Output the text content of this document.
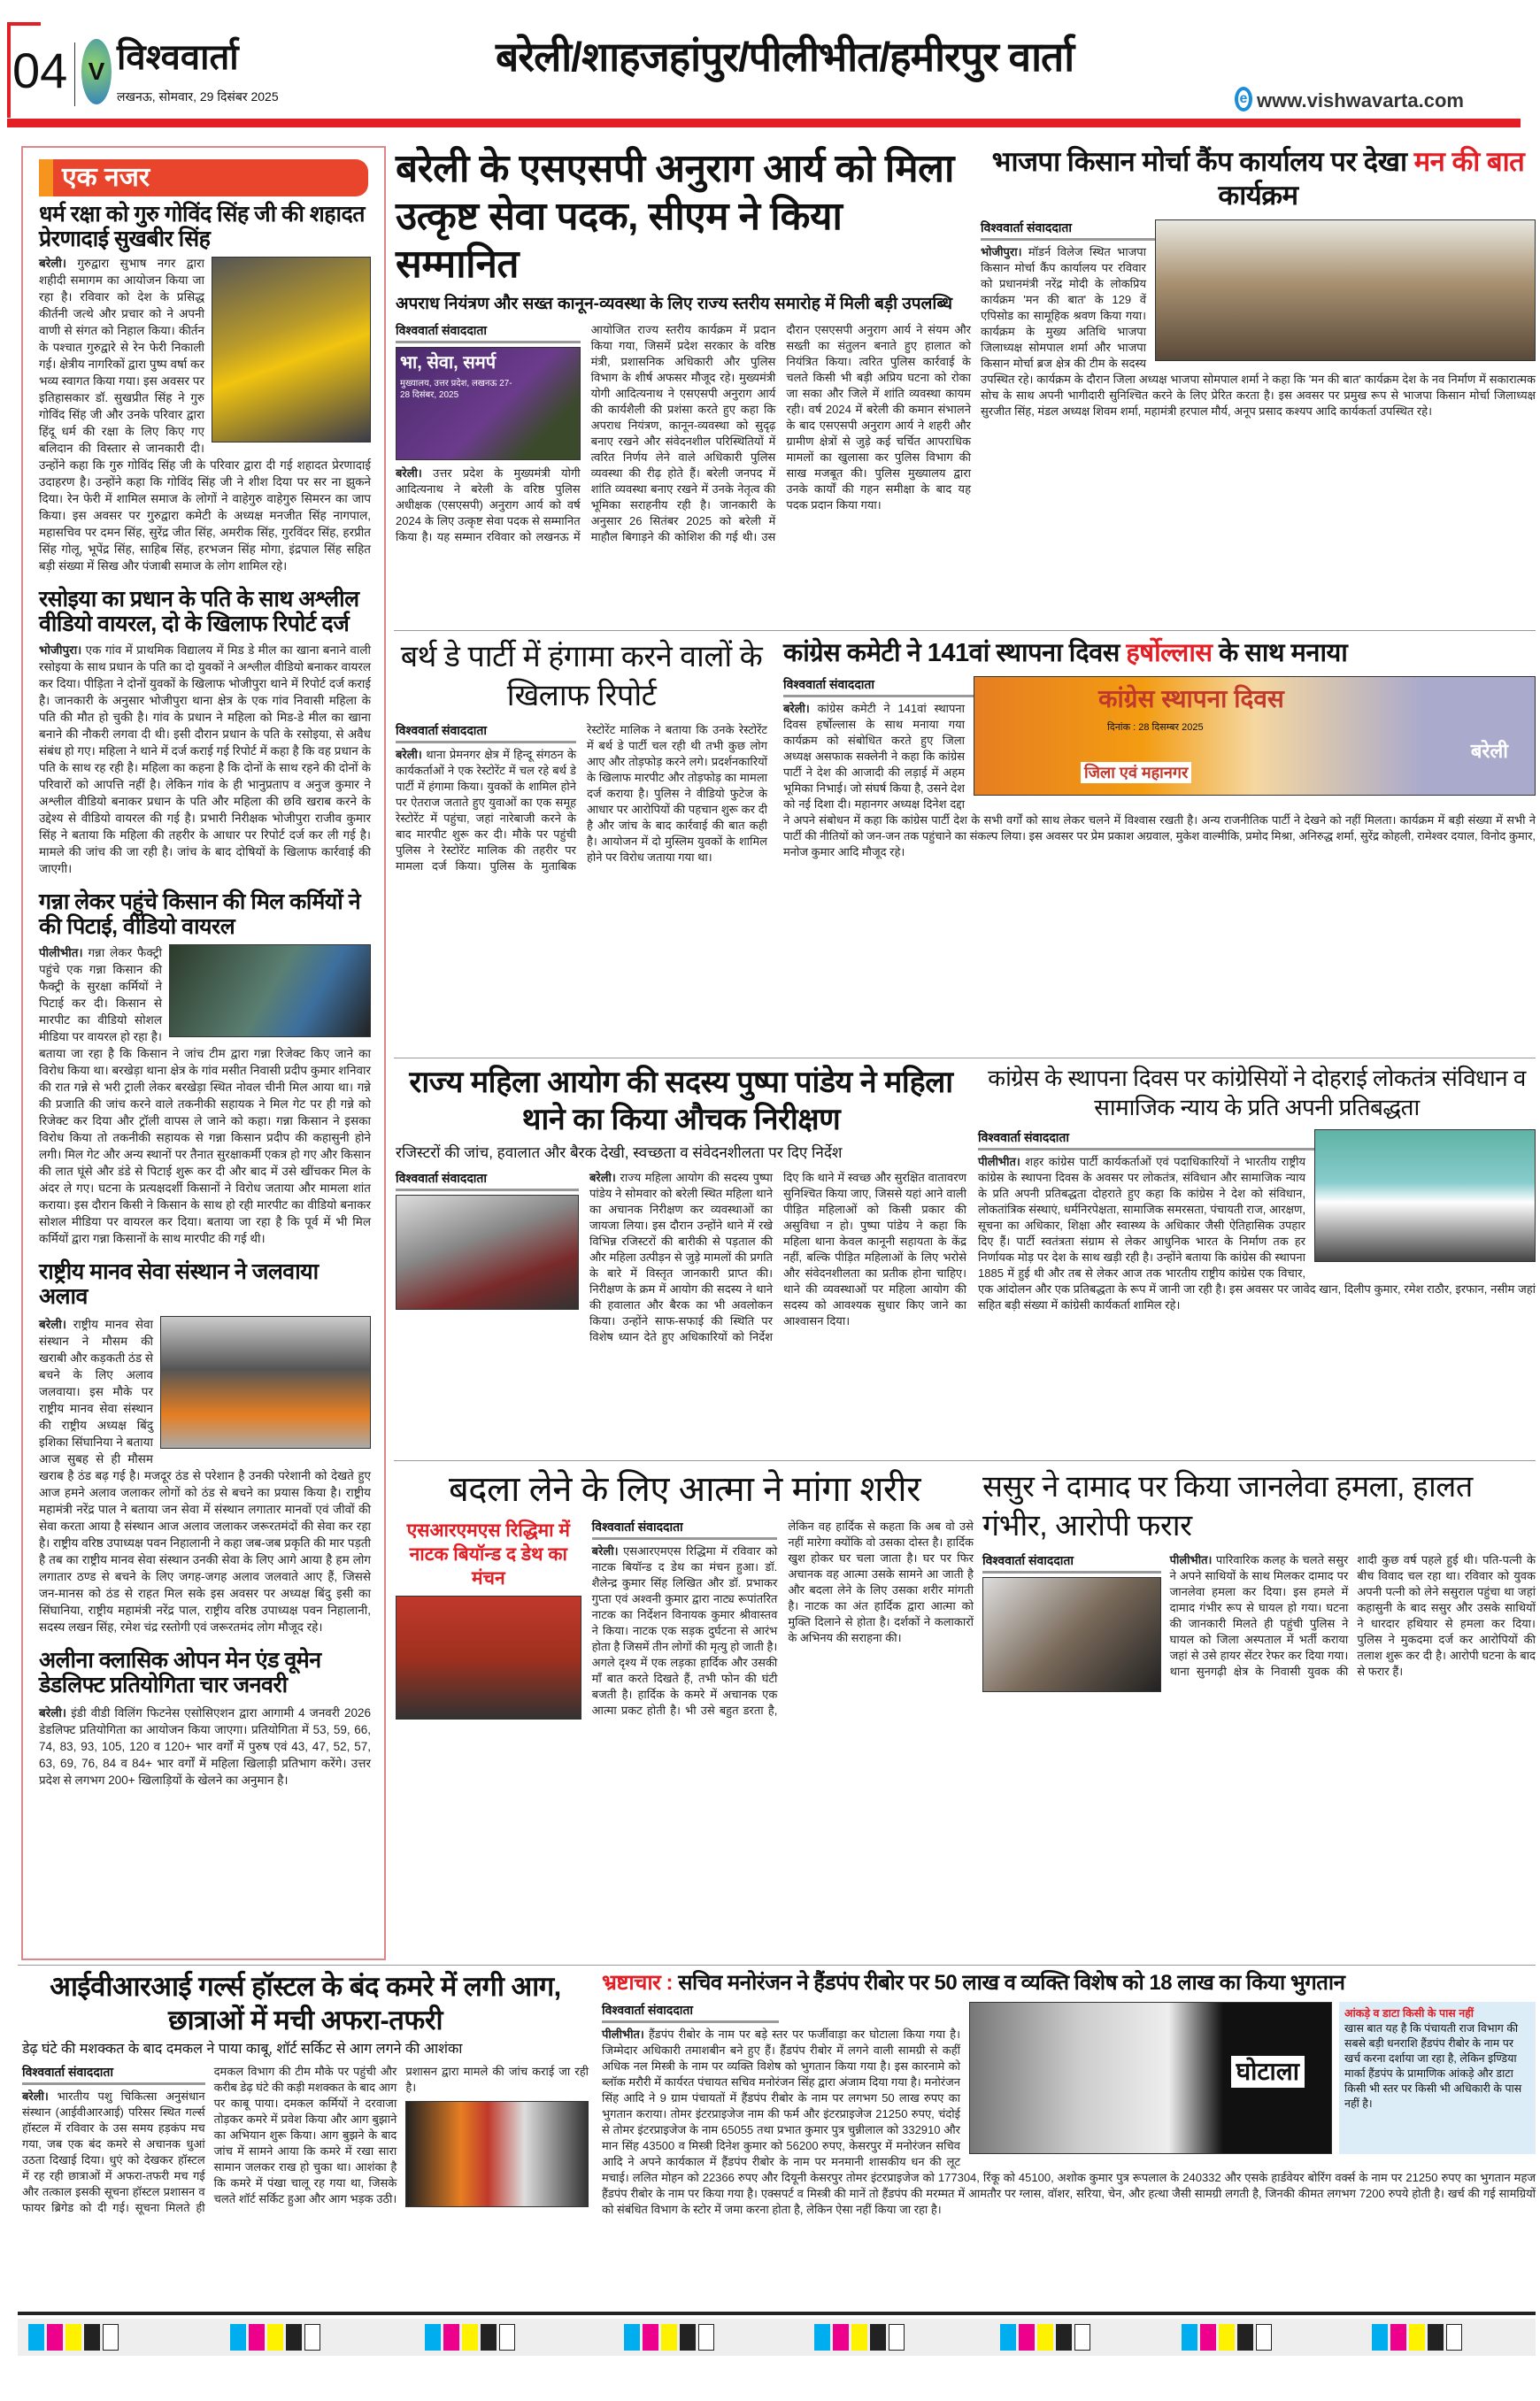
04 V विश्ववार्ता
लखनऊ, सोमवार, 29 दिसंबर 2025
बरेली/शाहजहांपुर/पीलीभीत/हमीरपुर वार्ता
e www.vishwavarta.com
एक नजर
धर्म रक्षा को गुरु गोविंद सिंह जी की शहादत प्रेरणादाई सुखबीर सिंह
बरेली। गुरुद्वारा सुभाष नगर द्वारा शहीदी समागम का आयोजन किया जा रहा है। रविवार को देश के प्रसिद्ध कीर्तनी जत्थे और प्रचार को ने अपनी वाणी से संगत को निहाल किया। कीर्तन के पश्चात गुरुद्वारे से रेन फेरी निकाली गई। क्षेत्रीय नागरिकों द्वारा पुष्प वर्षा कर भव्य स्वागत किया गया। इस अवसर पर इतिहासकार डॉ. सुखप्रीत सिंह ने गुरु गोविंद सिंह जी और उनके परिवार द्वारा हिंदू धर्म की रक्षा के लिए किए गए बलिदान की विस्तार से जानकारी दी। उन्होंने कहा कि गुरु गोविंद सिंह जी के परिवार द्वारा दी गई शहादत प्रेरणादाई उदाहरण है। उन्होंने कहा कि गोविंद सिंह जी ने शीश दिया पर सर ना झुकने दिया। रेन फेरी में शामिल समाज के लोगों ने वाहेगुरु वाहेगुरु सिमरन का जाप किया। इस अवसर पर गुरुद्वारा कमेटी के अध्यक्ष मनजीत सिंह नागपाल, महासचिव पर दमन सिंह, सुरेंद्र जीत सिंह, अमरीक सिंह, गुरविंदर सिंह, हरप्रीत सिंह गोलू, भूपेंद्र सिंह, साहिब सिंह, हरभजन सिंह मोगा, इंद्रपाल सिंह सहित बड़ी संख्या में सिख और पंजाबी समाज के लोग शामिल रहे।
रसोइया का प्रधान के पति के साथ अश्लील वीडियो वायरल, दो के खिलाफ रिपोर्ट दर्ज
भोजीपुरा। एक गांव में प्राथमिक विद्यालय में मिड डे मील का खाना बनाने वाली रसोइया के साथ प्रधान के पति का दो युवकों ने अश्लील वीडियो बनाकर वायरल कर दिया। पीड़िता ने दोनों युवकों के खिलाफ भोजीपुरा थाने में रिपोर्ट दर्ज कराई है। जानकारी के अनुसार भोजीपुरा थाना क्षेत्र के एक गांव निवासी महिला के पति की मौत हो चुकी है। गांव के प्रधान ने महिला को मिड-डे मील का खाना बनाने की नौकरी लगवा दी थी। इसी दौरान प्रधान के पति के रसोइया, से अवैध संबंध हो गए। महिला ने थाने में दर्ज कराई गई रिपोर्ट में कहा है कि वह प्रधान के पति के साथ रह रही है। महिला का कहना है कि दोनों के साथ रहने की दोनों के परिवारों को आपत्ति नहीं है। लेकिन गांव के ही भानुप्रताप व अनुज कुमार ने अश्लील वीडियो बनाकर प्रधान के पति और महिला की छवि खराब करने के उद्देश्य से वीडियो वायरल की गई है। प्रभारी निरीक्षक भोजीपुरा राजीव कुमार सिंह ने बताया कि महिला की तहरीर के आधार पर रिपोर्ट दर्ज कर ली गई है। मामले की जांच की जा रही है। जांच के बाद दोषियों के खिलाफ कार्रवाई की जाएगी।
गन्ना लेकर पहुंचे किसान की मिल कर्मियों ने की पिटाई, वीडियो वायरल
पीलीभीत। गन्ना लेकर फैक्ट्री पहुंचे एक गन्ना किसान की फैक्ट्री के सुरक्षा कर्मियों ने पिटाई कर दी। किसान से मारपीट का वीडियो सोशल मीडिया पर वायरल हो रहा है। बताया जा रहा है कि किसान ने जांच टीम द्वारा गन्ना रिजेक्ट किए जाने का विरोध किया था। बरखेड़ा थाना क्षेत्र के गांव मसीत निवासी प्रदीप कुमार शनिवार की रात गन्ने से भरी ट्राली लेकर बरखेड़ा स्थित नोवल चीनी मिल आया था। गन्ने की प्रजाति की जांच करने वाले तकनीकी सहायक ने मिल गेट पर ही गन्ने को रिजेक्ट कर दिया और ट्रॉली वापस ले जाने को कहा। गन्ना किसान ने इसका विरोध किया तो तकनीकी सहायक से गन्ना किसान प्रदीप की कहासुनी होने लगी। मिल गेट और अन्य स्थानों पर तैनात सुरक्षाकर्मी एकत्र हो गए और किसान की लात घूंसे और डंडे से पिटाई शुरू कर दी और बाद में उसे खींचकर मिल के अंदर ले गए। घटना के प्रत्यक्षदर्शी किसानों ने विरोध जताया और मामला शांत कराया। इस दौरान किसी ने किसान के साथ हो रही मारपीट का वीडियो बनाकर सोशल मीडिया पर वायरल कर दिया। बताया जा रहा है कि पूर्व में भी मिल कर्मियों द्वारा गन्ना किसानों के साथ मारपीट की गई थी।
राष्ट्रीय मानव सेवा संस्थान ने जलवाया अलाव
बरेली। राष्ट्रीय मानव सेवा संस्थान ने मौसम की खराबी और कड़कती ठंड से बचने के लिए अलाव जलवाया। इस मौके पर राष्ट्रीय मानव सेवा संस्थान की राष्ट्रीय अध्यक्ष बिंदु इशिका सिंघानिया ने बताया आज सुबह से ही मौसम खराब है ठंड बढ़ गई है। मजदूर ठंड से परेशान है उनकी परेशानी को देखते हुए आज हमने अलाव जलाकर लोगों को ठंड से बचने का प्रयास किया है। राष्ट्रीय महामंत्री नरेंद्र पाल ने बताया जन सेवा में संस्थान लगातार मानवों एवं जीवों की सेवा करता आया है संस्थान आज अलाव जलाकर जरूरतमंदों की सेवा कर रहा है। राष्ट्रीय वरिष्ठ उपाध्यक्ष पवन निहालानी ने कहा जब-जब प्रकृति की मार पड़ती है तब का राष्ट्रीय मानव सेवा संस्थान उनकी सेवा के लिए आगे आया है हम लोग लगातार ठण्ड से बचने के लिए जगह-जगह अलाव जलवाते आए हैं, जिससे जन-मानस को ठंड से राहत मिल सके इस अवसर पर अध्यक्ष बिंदु इसी का सिंघानिया, राष्ट्रीय महामंत्री नरेंद्र पाल, राष्ट्रीय वरिष्ठ उपाध्यक्ष पवन निहालानी, सदस्य लखन सिंह, रमेश चंद्र रस्तोगी एवं जरूरतमंद लोग मौजूद रहे।
अलीना क्लासिक ओपन मेन एंड वूमेन डेडलिफ्ट प्रतियोगिता चार जनवरी
बरेली। इंडी वीडी विलिंग फिटनेस एसोसिएशन द्वारा आगामी 4 जनवरी 2026 डेडलिफ्ट प्रतियोगिता का आयोजन किया जाएगा। प्रतियोगिता में 53, 59, 66, 74, 83, 93, 105, 120 व 120+ भार वर्गों में पुरुष एवं 43, 47, 52, 57, 63, 69, 76, 84 व 84+ भार वर्गों में महिला खिलाड़ी प्रतिभाग करेंगे। उत्तर प्रदेश से लगभग 200+ खिलाड़ियों के खेलने का अनुमान है।
बरेली के एसएसपी अनुराग आर्य को मिला उत्कृष्ट सेवा पदक, सीएम ने किया सम्मानित
अपराध नियंत्रण और सख्त कानून-व्यवस्था के लिए राज्य स्तरीय समारोह में मिली बड़ी उपलब्धि
विश्ववार्ता संवाददाता
भा, सेवा, समर्प
मुख्यालय, उत्तर प्रदेश, लखनऊ 27-28 दिसंबर, 2025
बरेली। उत्तर प्रदेश के मुख्यमंत्री योगी आदित्यनाथ ने बरेली के वरिष्ठ पुलिस अधीक्षक (एसएसपी) अनुराग आर्य को वर्ष 2024 के लिए उत्कृष्ट सेवा पदक से सम्मानित किया है। यह सम्मान रविवार को लखनऊ में आयोजित राज्य स्तरीय कार्यक्रम में प्रदान किया गया, जिसमें प्रदेश सरकार के वरिष्ठ मंत्री, प्रशासनिक अधिकारी और पुलिस विभाग के शीर्ष अफसर मौजूद रहे। मुख्यमंत्री योगी आदित्यनाथ ने एसएसपी अनुराग आर्य की कार्यशैली की प्रशंसा करते हुए कहा कि अपराध नियंत्रण, कानून-व्यवस्था को सुदृढ़ बनाए रखने और संवेदनशील परिस्थितियों में त्वरित निर्णय लेने वाले अधिकारी पुलिस व्यवस्था की रीढ़ होते हैं। बरेली जनपद में शांति व्यवस्था बनाए रखने में उनके नेतृत्व की भूमिका सराहनीय रही है। जानकारी के अनुसार 26 सितंबर 2025 को बरेली में माहौल बिगाड़ने की कोशिश की गई थी। उस दौरान एसएसपी अनुराग आर्य ने संयम और सख्ती का संतुलन बनाते हुए हालात को नियंत्रित किया। त्वरित पुलिस कार्रवाई के चलते किसी भी बड़ी अप्रिय घटना को रोका जा सका और जिले में शांति व्यवस्था कायम रही। वर्ष 2024 में बरेली की कमान संभालने के बाद एसएसपी अनुराग आर्य ने शहरी और ग्रामीण क्षेत्रों से जुड़े कई चर्चित आपराधिक मामलों का खुलासा कर पुलिस विभाग की साख मजबूत की। पुलिस मुख्यालय द्वारा उनके कार्यों की गहन समीक्षा के बाद यह पदक प्रदान किया गया।
भाजपा किसान मोर्चा कैंप कार्यालय पर देखा मन की बात कार्यक्रम
विश्ववार्ता संवाददाता
भोजीपुरा। मॉडर्न विलेज स्थित भाजपा किसान मोर्चा कैंप कार्यालय पर रविवार को प्रधानमंत्री नरेंद्र मोदी के लोकप्रिय कार्यक्रम 'मन की बात' के 129 वें एपिसोड का सामूहिक श्रवण किया गया। कार्यक्रम के मुख्य अतिथि भाजपा जिलाध्यक्ष सोमपाल शर्मा और भाजपा किसान मोर्चा ब्रज क्षेत्र की टीम के सदस्य उपस्थित रहे। कार्यक्रम के दौरान जिला अध्यक्ष भाजपा सोमपाल शर्मा ने कहा कि 'मन की बात' कार्यक्रम देश के नव निर्माण में सकारात्मक सोच के साथ अपनी भागीदारी सुनिश्चित करने के लिए प्रेरित करता है। इस अवसर पर प्रमुख रूप से भाजपा किसान मोर्चा जिलाध्यक्ष सुरजीत सिंह, मंडल अध्यक्ष शिवम शर्मा, महामंत्री हरपाल मौर्य, अनूप प्रसाद कश्यप आदि कार्यकर्ता उपस्थित रहे।
बर्थ डे पार्टी में हंगामा करने वालों के खिलाफ रिपोर्ट
विश्ववार्ता संवाददाता
बरेली। थाना प्रेमनगर क्षेत्र में हिन्दू संगठन के कार्यकर्ताओं ने एक रेस्टोरेंट में चल रहे बर्थ डे पार्टी में हंगामा किया। युवकों के शामिल होने पर ऐतराज जताते हुए युवाओं का एक समूह रेस्टोरेंट में पहुंचा, जहां नारेबाजी करने के बाद मारपीट शुरू कर दी। मौके पर पहुंची पुलिस ने रेस्टोरेंट मालिक की तहरीर पर मामला दर्ज किया। पुलिस के मुताबिक रेस्टोरेंट मालिक ने बताया कि उनके रेस्टोरेंट में बर्थ डे पार्टी चल रही थी तभी कुछ लोग आए और तोड़फोड़ करने लगे। प्रदर्शनकारियों के खिलाफ मारपीट और तोड़फोड़ का मामला दर्ज कराया है। पुलिस ने वीडियो फुटेज के आधार पर आरोपियों की पहचान शुरू कर दी है और जांच के बाद कार्रवाई की बात कही है। आयोजन में दो मुस्लिम युवकों के शामिल होने पर विरोध जताया गया था।
कांग्रेस कमेटी ने 141वां स्थापना दिवस हर्षोल्लास के साथ मनाया
कांग्रेस स्थापना दिवस
दिनांक : 28 दिसम्बर 2025
जिला एवं महानगर
बरेली
विश्ववार्ता संवाददाता
बरेली। कांग्रेस कमेटी ने 141वां स्थापना दिवस हर्षोल्लास के साथ मनाया गया कार्यक्रम को संबोधित करते हुए जिला अध्यक्ष असफाक सक्लेनी ने कहा कि कांग्रेस पार्टी ने देश की आजादी की लड़ाई में अहम भूमिका निभाई। जो संघर्ष किया है, उसने देश को नई दिशा दी। महानगर अध्यक्ष दिनेश दद्दा ने अपने संबोधन में कहा कि कांग्रेस पार्टी देश के सभी वर्गों को साथ लेकर चलने में विश्वास रखती है। अन्य राजनीतिक पार्टी ने देखने को नहीं मिलता। कार्यक्रम में बड़ी संख्या में सभी ने पार्टी की नीतियों को जन-जन तक पहुंचाने का संकल्प लिया। इस अवसर पर प्रेम प्रकाश अग्रवाल, मुकेश वाल्मीकि, प्रमोद मिश्रा, अनिरुद्ध शर्मा, सुरेंद्र कोहली, रामेश्वर दयाल, विनोद कुमार, मनोज कुमार आदि मौजूद रहे।
राज्य महिला आयोग की सदस्य पुष्पा पांडेय ने महिला थाने का किया औचक निरीक्षण
रजिस्टरों की जांच, हवालात और बैरक देखी, स्वच्छता व संवेदनशीलता पर दिए निर्देश
विश्ववार्ता संवाददाता	बरेली। राज्य महिला आयोग की सदस्य पुष्पा पांडेय ने सोमवार को बरेली स्थित महिला थाने का अचानक निरीक्षण कर व्यवस्थाओं का जायजा लिया। इस दौरान उन्होंने थाने में रखे विभिन्न रजिस्टरों की बारीकी से पड़ताल की और महिला उत्पीड़न से जुड़े मामलों की प्रगति के बारे में विस्तृत जानकारी प्राप्त की। निरीक्षण के क्रम में आयोग की सदस्य ने थाने की हवालात और बैरक का भी अवलोकन किया। उन्होंने साफ-सफाई की स्थिति पर विशेष ध्यान देते हुए अधिकारियों को निर्देश दिए कि थाने में स्वच्छ और सुरक्षित वातावरण सुनिश्चित किया जाए, जिससे यहां आने वाली पीड़ित महिलाओं को किसी प्रकार की असुविधा न हो। पुष्पा पांडेय ने कहा कि महिला थाना केवल कानूनी सहायता के केंद्र नहीं, बल्कि पीड़ित महिलाओं के लिए भरोसे और संवेदनशीलता का प्रतीक होना चाहिए। थाने की व्यवस्थाओं पर महिला आयोग की सदस्य को आवश्यक सुधार किए जाने का आश्वासन दिया।
कांग्रेस के स्थापना दिवस पर कांग्रेसियों ने दोहराई लोकतंत्र संविधान व सामाजिक न्याय के प्रति अपनी प्रतिबद्धता
विश्ववार्ता संवाददाता
पीलीभीत। शहर कांग्रेस पार्टी कार्यकर्ताओं एवं पदाधिकारियों ने भारतीय राष्ट्रीय कांग्रेस के स्थापना दिवस के अवसर पर लोकतंत्र, संविधान और सामाजिक न्याय के प्रति अपनी प्रतिबद्धता दोहराते हुए कहा कि कांग्रेस ने देश को संविधान, लोकतांत्रिक संस्थाएं, धर्मनिरपेक्षता, सामाजिक समरसता, पंचायती राज, आरक्षण, सूचना का अधिकार, शिक्षा और स्वास्थ्य के अधिकार जैसी ऐतिहासिक उपहार दिए हैं। पार्टी स्वतंत्रता संग्राम से लेकर आधुनिक भारत के निर्माण तक हर निर्णायक मोड़ पर देश के साथ खड़ी रही है। उन्होंने बताया कि कांग्रेस की स्थापना 1885 में हुई थी और तब से लेकर आज तक भारतीय राष्ट्रीय कांग्रेस एक विचार, एक आंदोलन और एक प्रतिबद्धता के रूप में जानी जा रही है। इस अवसर पर जावेद खान, दिलीप कुमार, रमेश राठौर, इरफान, नसीम जहां सहित बड़ी संख्या में कांग्रेसी कार्यकर्ता शामिल रहे।
बदला लेने के लिए आत्मा ने मांगा शरीर
एसआरएमएस रिद्धिमा में नाटक बियॉन्ड द डेथ का मंचन
विश्ववार्ता संवाददाता
बरेली। एसआरएमएस रिद्धिमा में रविवार को नाटक बियॉन्ड द डेथ का मंचन हुआ। डॉ. शैलेन्द्र कुमार सिंह लिखित और डॉ. प्रभाकर गुप्ता एवं अश्वनी कुमार द्वारा नाट्य रूपांतरित नाटक का निर्देशन विनायक कुमार श्रीवास्तव ने किया। नाटक एक सड़क दुर्घटना से आरंभ होता है जिसमें तीन लोगों की मृत्यु हो जाती है। अगले दृश्य में एक लड़का हार्दिक और उसकी माँ बात करते दिखते हैं, तभी फोन की घंटी बजती है। हार्दिक के कमरे में अचानक एक आत्मा प्रकट होती है। भी उसे बहुत डरता है, लेकिन वह हार्दिक से कहता कि अब वो उसे नहीं मारेगा क्योंकि वो उसका दोस्त है। हार्दिक खुश होकर घर चला जाता है। घर पर फिर अचानक वह आत्मा उसके सामने आ जाती है और बदला लेने के लिए उसका शरीर मांगती है। नाटक का अंत हार्दिक द्वारा आत्मा को मुक्ति दिलाने से होता है। दर्शकों ने कलाकारों के अभिनय की सराहना की।
ससुर ने दामाद पर किया जानलेवा हमला, हालत गंभीर, आरोपी फरार
विश्ववार्ता संवाददाता	पीलीभीत। पारिवारिक कलह के चलते ससुर ने अपने साथियों के साथ मिलकर दामाद पर जानलेवा हमला कर दिया। इस हमले में दामाद गंभीर रूप से घायल हो गया। घटना की जानकारी मिलते ही पहुंची पुलिस ने घायल को जिला अस्पताल में भर्ती कराया जहां से उसे हायर सेंटर रेफर कर दिया गया। थाना सुनगढ़ी क्षेत्र के निवासी युवक की शादी कुछ वर्ष पहले हुई थी। पति-पत्नी के बीच विवाद चल रहा था। रविवार को युवक अपनी पत्नी को लेने ससुराल पहुंचा था जहां कहासुनी के बाद ससुर और उसके साथियों ने धारदार हथियार से हमला कर दिया। पुलिस ने मुकदमा दर्ज कर आरोपियों की तलाश शुरू कर दी है। आरोपी घटना के बाद से फरार हैं।
आईवीआरआई गर्ल्स हॉस्टल के बंद कमरे में लगी आग, छात्राओं में मची अफरा-तफरी
डेढ़ घंटे की मशक्कत के बाद दमकल ने पाया काबू, शॉर्ट सर्किट से आग लगने की आशंका
विश्ववार्ता संवाददाता
बरेली। भारतीय पशु चिकित्सा अनुसंधान संस्थान (आईवीआरआई) परिसर स्थित गर्ल्स हॉस्टल में रविवार के उस समय हड़कंप मच गया, जब एक बंद कमरे से अचानक धुआं उठता दिखाई दिया। धुएं को देखकर हॉस्टल में रह रही छात्राओं में अफरा-तफरी मच गई और तत्काल इसकी सूचना हॉस्टल प्रशासन व फायर ब्रिगेड को दी गई। सूचना मिलते ही दमकल विभाग की टीम मौके पर पहुंची और करीब डेढ़ घंटे की कड़ी मशक्कत के बाद आग पर काबू पाया। दमकल कर्मियों ने दरवाजा तोड़कर कमरे में प्रवेश किया और आग बुझाने का अभियान शुरू किया। आग बुझने के बाद जांच में सामने आया कि कमरे में रखा सारा सामान जलकर राख हो चुका था। आशंका है कि कमरे में पंखा चालू रह गया था, जिसके चलते शॉर्ट सर्किट हुआ और आग भड़क उठी। प्रशासन द्वारा मामले की जांच कराई जा रही है।
भ्रष्टाचार : सचिव मनोरंजन ने हैंडपंप रीबोर पर 50 लाख व व्यक्ति विशेष को 18 लाख का किया भुगतान
घोटाला
आंकड़े व डाटा किसी के पास नहीं
खास बात यह है कि पंचायती राज विभाग की सबसे बड़ी धनराशि हैंडपंप रीबोर के नाम पर खर्च करना दर्शाया जा रहा है, लेकिन इण्डिया मार्का हैंडपंप के प्रामाणिक आंकड़े और डाटा किसी भी स्तर पर किसी भी अधिकारी के पास नहीं है।
विश्ववार्ता संवाददाता
पीलीभीत। हैंडपंप रीबोर के नाम पर बड़े स्तर पर फर्जीवाड़ा कर घोटाला किया गया है। जिम्मेदार अधिकारी तमाशबीन बने हुए हैं। हैंडपंप रीबोर में लगने वाली सामग्री से कहीं अधिक नल मिस्त्री के नाम पर व्यक्ति विशेष को भुगतान किया गया है। इस कारनामे को ब्लॉक मरौरी में कार्यरत पंचायत सचिव मनोरंजन सिंह द्वारा अंजाम दिया गया है। मनोरंजन सिंह आदि ने 9 ग्राम पंचायतों में हैंडपंप रीबोर के नाम पर लगभग 50 लाख रुपए का भुगतान कराया। तोमर इंटरप्राइजेज नाम की फर्म और इंटरप्राइजेज 21250 रुपए, चंदोई से तोमर इंटरप्राइजेज के नाम 65055 तथा प्रभात कुमार पुत्र चुन्नीलाल को 332910 और मान सिंह 43500 व मिस्त्री दिनेश कुमार को 56200 रुपए, केसरपुर में मनोरंजन सचिव आदि ने अपने कार्यकाल में हैंडपंप रीबोर के नाम पर मनमानी शासकीय धन की लूट मचाई। ललित मोहन को 22366 रुपए और दियूनी केसरपुर तोमर इंटरप्राइजेज को 177304, रिंकू को 45100, अशोक कुमार पुत्र रूपलाल के 240332 और एसके हार्डवेयर बोरिंग वर्क्स के नाम पर 21250 रुपए का भुगतान महज हैंडपंप रीबोर के नाम पर किया गया है। एक्सपर्ट व मिस्त्री की मानें तो हैंडपंप की मरम्मत में आमतौर पर ग्लास, वॉशर, सरिया, चेन, और हत्था जैसी सामग्री लगती है, जिनकी कीमत लगभग 7200 रुपये होती है। खर्च की गई सामग्रियों को संबंधित विभाग के स्टोर में जमा करना होता है, लेकिन ऐसा नहीं किया जा रहा है।
